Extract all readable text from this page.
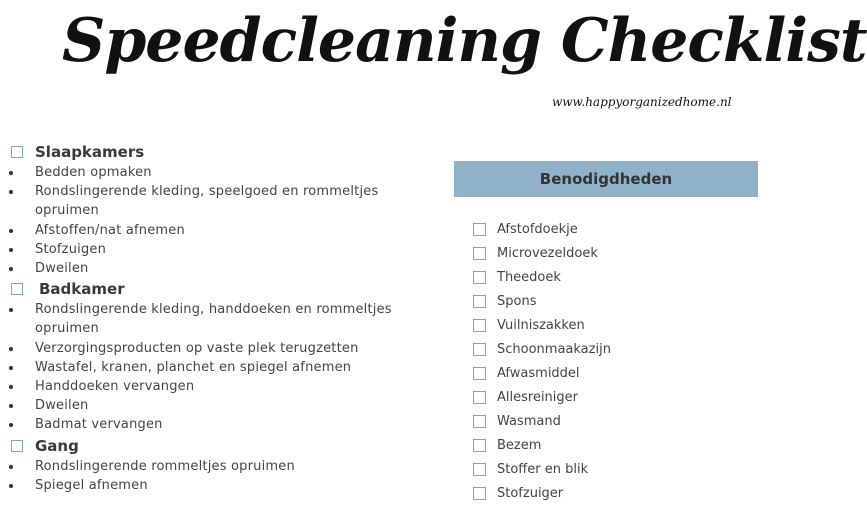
Speedcleaning Checklist
www.happyorganizedhome.nl
Slaapkamers
Bedden opmaken
Rondslingerende kleding, speelgoed en rommeltjes
opruimen
Afstoffen/nat afnemen
Stofzuigen
Dweilen
Badkamer
Rondslingerende kleding, handdoeken en rommeltjes
opruimen
Verzorgingsproducten op vaste plek terugzetten
Wastafel, kranen, planchet en spiegel afnemen
Handdoeken vervangen
Dweilen
Badmat vervangen
Gang
Rondslingerende rommeltjes opruimen
Spiegel afnemen
Benodigdheden
Afstofdoekje
Microvezeldoek
Theedoek
Spons
Vuilniszakken
Schoonmaakazijn
Afwasmiddel
Allesreiniger
Wasmand
Bezem
Stoffer en blik
Stofzuiger
